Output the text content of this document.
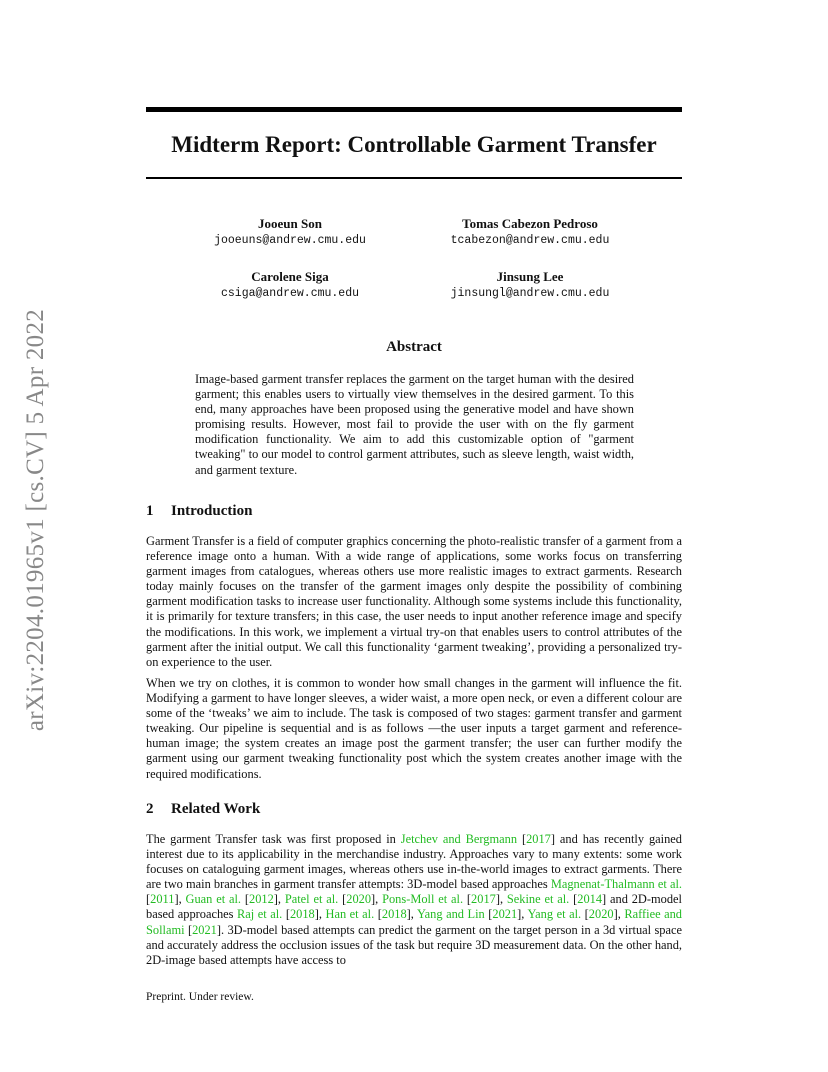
Midterm Report: Controllable Garment Transfer
Jooeun Son
jooeuns@andrew.cmu.edu
Tomas Cabezon Pedroso
tcabezon@andrew.cmu.edu
Carolene Siga
csiga@andrew.cmu.edu
Jinsung Lee
jinsungl@andrew.cmu.edu
arXiv:2204.01965v1 [cs.CV] 5 Apr 2022	Abstract
Image-based garment transfer replaces the garment on the target human with the desired garment; this enables users to virtually view themselves in the desired garment. To this end, many approaches have been proposed using the generative model and have shown promising results. However, most fail to provide the user with on the fly garment modification functionality. We aim to add this customizable option of "garment tweaking" to our model to control garment attributes, such as sleeve length, waist width, and garment texture.
1 Introduction

Garment Transfer is a field of computer graphics concerning the photo-realistic transfer of a garment from a reference image onto a human. With a wide range of applications, some works focus on transferring garment images from catalogues, whereas others use more realistic images to extract garments. Research today mainly focuses on the transfer of the garment images only despite the possibility of combining garment modification tasks to increase user functionality. Although some systems include this functionality, it is primarily for texture transfers; in this case, the user needs to input another reference image and specify the modifications. In this work, we implement a virtual try-on that enables users to control attributes of the garment after the initial output. We call this functionality ‘garment tweaking’, providing a personalized try-on experience to the user.

When we try on clothes, it is common to wonder how small changes in the garment will influence the fit. Modifying a garment to have longer sleeves, a wider waist, a more open neck, or even a different colour are some of the ‘tweaks’ we aim to include. The task is composed of two stages: garment transfer and garment tweaking. Our pipeline is sequential and is as follows —the user inputs a target garment and reference-human image; the system creates an image post the garment transfer; the user can further modify the garment using our garment tweaking functionality post which the system creates another image with the required modifications.

2 Related Work

The garment Transfer task was first proposed in Jetchev and Bergmann [2017] and has recently gained interest due to its applicability in the merchandise industry. Approaches vary to many extents: some work focuses on cataloguing garment images, whereas others use in-the-world images to extract garments. There are two main branches in garment transfer attempts: 3D-model based approaches Magnenat-Thalmann et al. [2011], Guan et al. [2012], Patel et al. [2020], Pons-Moll et al. [2017], Sekine et al. [2014] and 2D-model based approaches Raj et al. [2018], Han et al. [2018], Yang and Lin [2021], Yang et al. [2020], Raffiee and Sollami [2021]. 3D-model based attempts can predict the garment on the target person in a 3d virtual space and accurately address the occlusion issues of the task but require 3D measurement data. On the other hand, 2D-image based attempts have access to

Preprint. Under review.
